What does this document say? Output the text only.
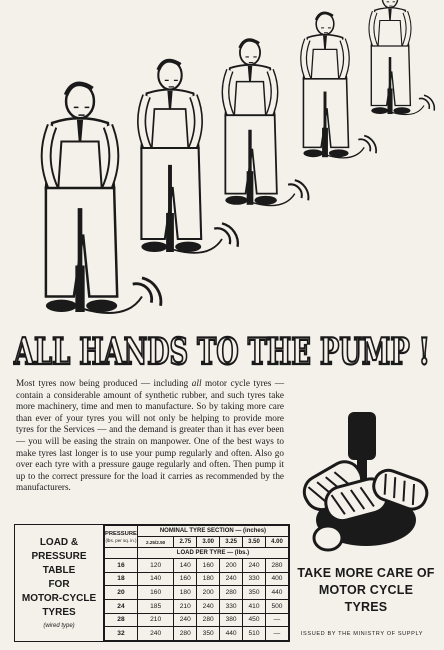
ALL HANDS TO THE PUMP !

Most tyres now being produced — including all motor cycle tyres — contain a considerable amount of synthetic rubber, and such tyres take more machinery, time and men to manufacture. So by taking more care than ever of your tyres you will not only be helping to provide more tyres for the Services — and the demand is greater than it has ever been — you will be easing the strain on manpower. One of the best ways to make tyres last longer is to use your pump regularly and often. Also go over each tyre with a pressure gauge regularly and often. Then pump it up to the correct pressure for the load it carries as recommended by the manufacturers.

LOAD &
PRESSURE TABLE
FOR
MOTOR-CYCLE
TYRES
(wired type)
PRESSURE
(lbs. per sq. in.)	NOMINAL TYRE SECTION — (inches)					
	2.25/2.50	2.75	3.00	3.25	3.50	4.00
	LOAD PER TYRE — (lbs.)					
16	120	140	160	200	240	280
18	140	160	180	240	330	400
20	160	180	200	280	350	440
24	185	210	240	330	410	500
28	210	240	280	380	450	—
32	240	280	350	440	510	—
TAKE MORE CARE OF
MOTOR CYCLE TYRES
ISSUED BY THE MINISTRY OF SUPPLY
